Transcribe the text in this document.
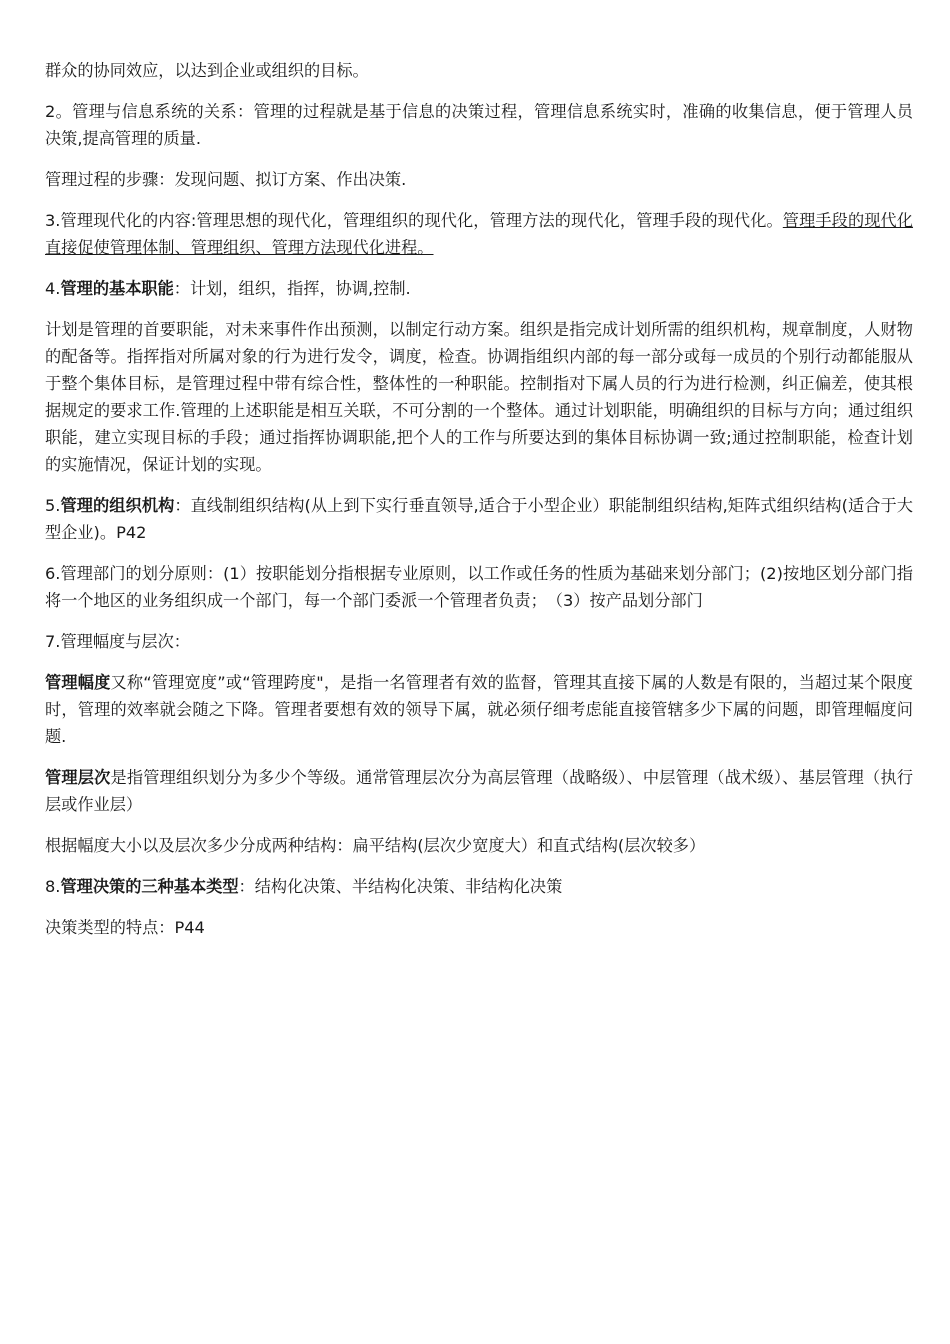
群众的协同效应，以达到企业或组织的目标。

2。管理与信息系统的关系：管理的过程就是基于信息的决策过程，管理信息系统实时，准确的收集信息，便于管理人员决策,提高管理的质量.

管理过程的步骤：发现问题、拟订方案、作出决策.

3.管理现代化的内容:管理思想的现代化，管理组织的现代化，管理方法的现代化，管理手段的现代化。管理手段的现代化直接促使管理体制、管理组织、管理方法现代化进程。

4.管理的基本职能：计划，组织，指挥，协调,控制.

计划是管理的首要职能，对未来事件作出预测，以制定行动方案。组织是指完成计划所需的组织机构，规章制度，人财物的配备等。指挥指对所属对象的行为进行发令，调度，检查。协调指组织内部的每一部分或每一成员的个别行动都能服从于整个集体目标，是管理过程中带有综合性，整体性的一种职能。控制指对下属人员的行为进行检测，纠正偏差，使其根据规定的要求工作.管理的上述职能是相互关联，不可分割的一个整体。通过计划职能，明确组织的目标与方向；通过组织职能，建立实现目标的手段；通过指挥协调职能,把个人的工作与所要达到的集体目标协调一致;通过控制职能，检查计划的实施情况，保证计划的实现。

5.管理的组织机构：直线制组织结构(从上到下实行垂直领导,适合于小型企业）职能制组织结构,矩阵式组织结构(适合于大型企业)。P42

6.管理部门的划分原则：(1）按职能划分指根据专业原则，以工作或任务的性质为基础来划分部门；(2)按地区划分部门指将一个地区的业务组织成一个部门，每一个部门委派一个管理者负责；　（3）按产品划分部门

7.管理幅度与层次：

管理幅度又称“管理宽度”或“管理跨度"，是指一名管理者有效的监督，管理其直接下属的人数是有限的，当超过某个限度时，管理的效率就会随之下降。管理者要想有效的领导下属，就必须仔细考虑能直接管辖多少下属的问题，即管理幅度问题.

管理层次是指管理组织划分为多少个等级。通常管理层次分为高层管理（战略级）、中层管理（战术级）、基层管理（执行层或作业层）

根据幅度大小以及层次多少分成两种结构：扁平结构(层次少宽度大）和直式结构(层次较多）

8.管理决策的三种基本类型：结构化决策、半结构化决策、非结构化决策

决策类型的特点：P44
